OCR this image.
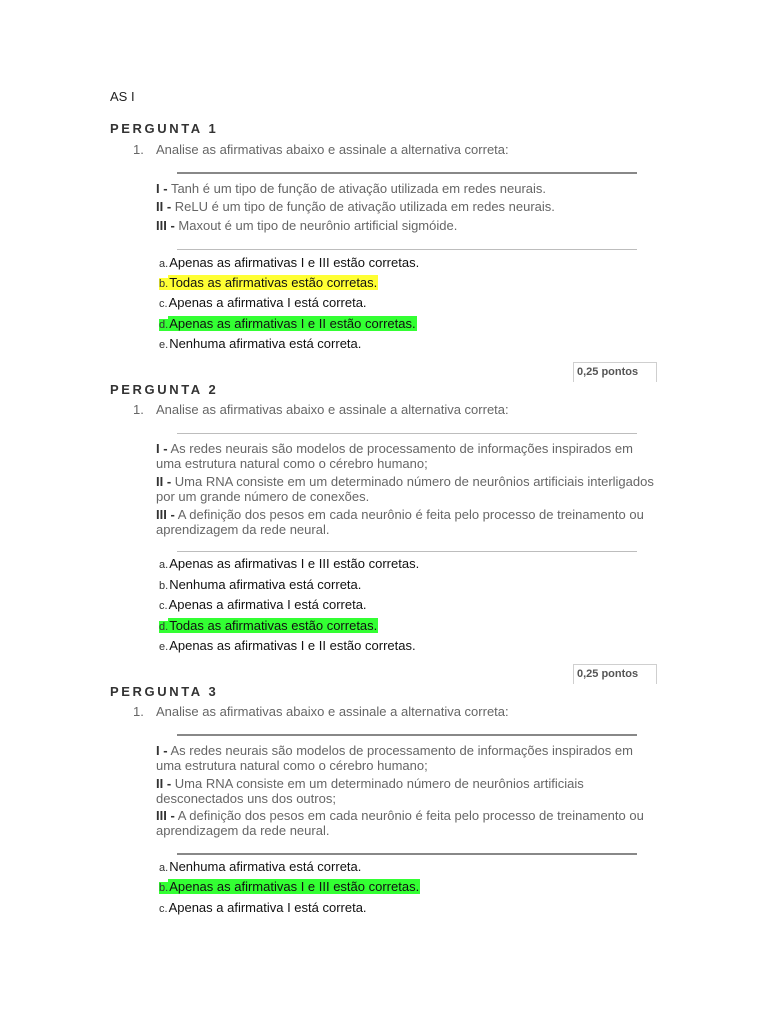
AS I
PERGUNTA 1
1. Analise as afirmativas abaixo e assinale a alternativa correta:
I - Tanh é um tipo de função de ativação utilizada em redes neurais.
II - ReLU é um tipo de função de ativação utilizada em redes neurais.
III - Maxout é um tipo de neurônio artificial sigmóide.
a.Apenas as afirmativas I e III estão corretas.
b.Todas as afirmativas estão corretas.
c.Apenas a afirmativa I está correta.
d.Apenas as afirmativas I e II estão corretas.
e.Nenhuma afirmativa está correta.
0,25 pontos
PERGUNTA 2
1. Analise as afirmativas abaixo e assinale a alternativa correta:
I - As redes neurais são modelos de processamento de informações inspirados em uma estrutura natural como o cérebro humano;
II - Uma RNA consiste em um determinado número de neurônios artificiais interligados por um grande número de conexões.
III - A definição dos pesos em cada neurônio é feita pelo processo de treinamento ou aprendizagem da rede neural.
a.Apenas as afirmativas I e III estão corretas.
b.Nenhuma afirmativa está correta.
c.Apenas a afirmativa I está correta.
d.Todas as afirmativas estão corretas.
e.Apenas as afirmativas I e II estão corretas.
0,25 pontos
PERGUNTA 3
1. Analise as afirmativas abaixo e assinale a alternativa correta:
I - As redes neurais são modelos de processamento de informações inspirados em uma estrutura natural como o cérebro humano;
II - Uma RNA consiste em um determinado número de neurônios artificiais desconectados uns dos outros;
III - A definição dos pesos em cada neurônio é feita pelo processo de treinamento ou aprendizagem da rede neural.
a.Nenhuma afirmativa está correta.
b.Apenas as afirmativas I e III estão corretas.
c.Apenas a afirmativa I está correta.
